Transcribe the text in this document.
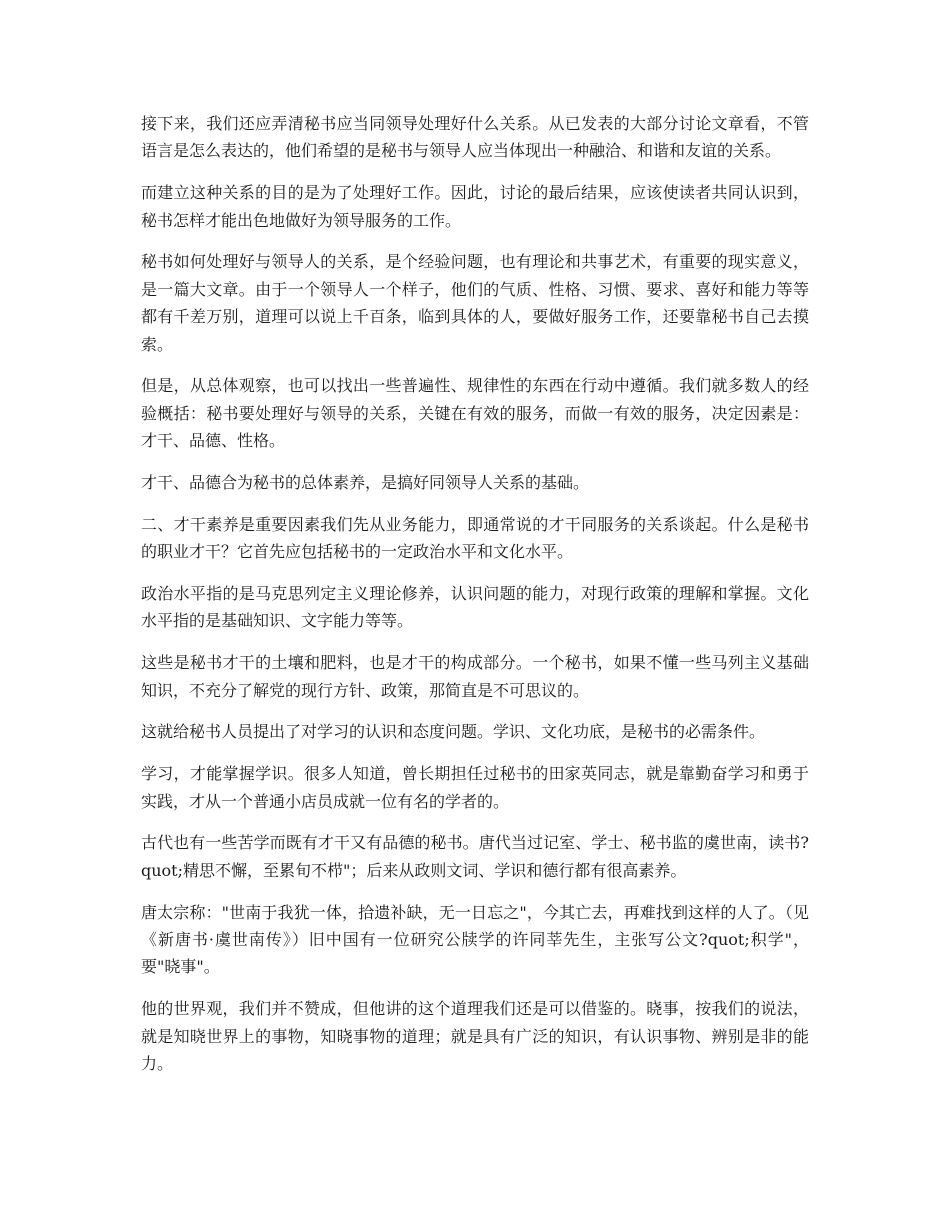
接下来，我们还应弄清秘书应当同领导处理好什么关系。从已发表的大部分讨论文章看，不管语言是怎么表达的，他们希望的是秘书与领导人应当体现出一种融洽、和谐和友谊的关系。

而建立这种关系的目的是为了处理好工作。因此，讨论的最后结果，应该使读者共同认识到，秘书怎样才能出色地做好为领导服务的工作。

秘书如何处理好与领导人的关系，是个经验问题，也有理论和共事艺术，有重要的现实意义，是一篇大文章。由于一个领导人一个样子，他们的气质、性格、习惯、要求、喜好和能力等等都有千差万别，道理可以说上千百条，临到具体的人，要做好服务工作，还要靠秘书自己去摸索。

但是，从总体观察，也可以找出一些普遍性、规律性的东西在行动中遵循。我们就多数人的经验概括：秘书要处理好与领导的关系，关键在有效的服务，而做一有效的服务，决定因素是：才干、品德、性格。

才干、品德合为秘书的总体素养，是搞好同领导人关系的基础。

二、才干素养是重要因素我们先从业务能力，即通常说的才干同服务的关系谈起。什么是秘书的职业才干？它首先应包括秘书的一定政治水平和文化水平。

政治水平指的是马克思列定主义理论修养，认识问题的能力，对现行政策的理解和掌握。文化水平指的是基础知识、文字能力等等。

这些是秘书才干的土壤和肥料，也是才干的构成部分。一个秘书，如果不懂一些马列主义基础知识，不充分了解党的现行方针、政策，那简直是不可思议的。

这就给秘书人员提出了对学习的认识和态度问题。学识、文化功底，是秘书的必需条件。

学习，才能掌握学识。很多人知道，曾长期担任过秘书的田家英同志，就是靠勤奋学习和勇于实践，才从一个普通小店员成就一位有名的学者的。

古代也有一些苦学而既有才干又有品德的秘书。唐代当过记室、学士、秘书监的虞世南，读书?quot;精思不懈，至累旬不栉"；后来从政则文词、学识和德行都有很高素养。

唐太宗称："世南于我犹一体，拾遗补缺，无一日忘之"，今其亡去，再难找到这样的人了。（见《新唐书·虞世南传》）旧中国有一位研究公牍学的许同莘先生，主张写公文?quot;积学"，要"晓事"。

他的世界观，我们并不赞成，但他讲的这个道理我们还是可以借鉴的。晓事，按我们的说法，就是知晓世界上的事物，知晓事物的道理；就是具有广泛的知识，有认识事物、辨别是非的能力。
